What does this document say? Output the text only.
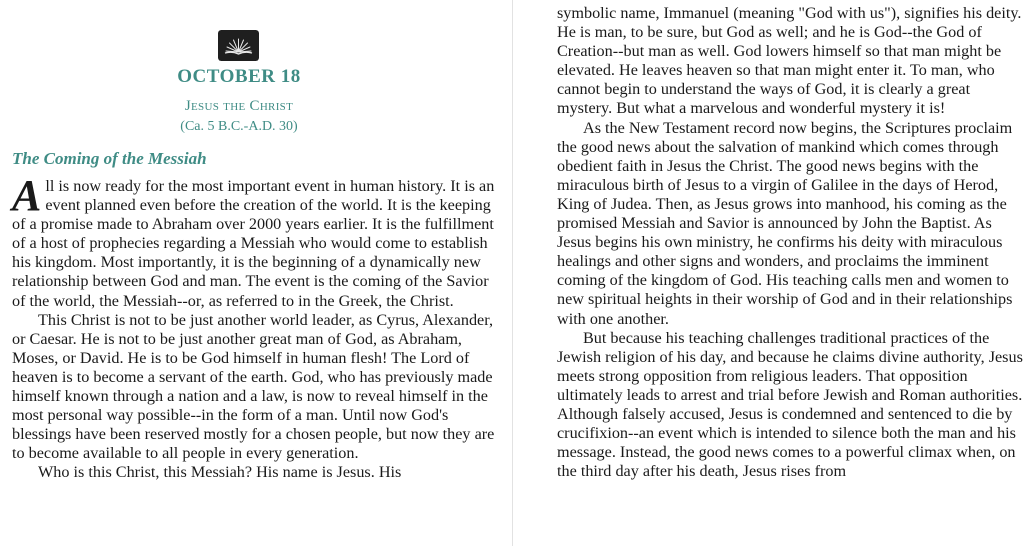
OCTOBER 18
Jesus the Christ
(Ca. 5 B.C.-A.D. 30)
The Coming of the Messiah

All is now ready for the most important event in human history. It is an event planned even before the creation of the world. It is the keeping of a promise made to Abraham over 2000 years earlier. It is the fulfillment of a host of prophecies regarding a Messiah who would come to establish his kingdom. Most importantly, it is the beginning of a dynamically new relationship between God and man. The event is the coming of the Savior of the world, the Messiah--or, as referred to in the Greek, the Christ.

This Christ is not to be just another world leader, as Cyrus, Alexander, or Caesar. He is not to be just another great man of God, as Abraham, Moses, or David. He is to be God himself in human flesh! The Lord of heaven is to become a servant of the earth. God, who has previously made himself known through a nation and a law, is now to reveal himself in the most personal way possible--in the form of a man. Until now God's blessings have been reserved mostly for a chosen people, but now they are to become available to all people in every generation.

Who is this Christ, this Messiah? His name is Jesus. His

symbolic name, Immanuel (meaning "God with us"), signifies his deity. He is man, to be sure, but God as well; and he is God--the God of Creation--but man as well. God lowers himself so that man might be elevated. He leaves heaven so that man might enter it. To man, who cannot begin to understand the ways of God, it is clearly a great mystery. But what a marvelous and wonderful mystery it is!

As the New Testament record now begins, the Scriptures proclaim the good news about the salvation of mankind which comes through obedient faith in Jesus the Christ. The good news begins with the miraculous birth of Jesus to a virgin of Galilee in the days of Herod, King of Judea. Then, as Jesus grows into manhood, his coming as the promised Messiah and Savior is announced by John the Baptist. As Jesus begins his own ministry, he confirms his deity with miraculous healings and other signs and wonders, and proclaims the imminent coming of the kingdom of God. His teaching calls men and women to new spiritual heights in their worship of God and in their relationships with one another.

But because his teaching challenges traditional practices of the Jewish religion of his day, and because he claims divine authority, Jesus meets strong opposition from religious leaders. That opposition ultimately leads to arrest and trial before Jewish and Roman authorities. Although falsely accused, Jesus is condemned and sentenced to die by crucifixion--an event which is intended to silence both the man and his message. Instead, the good news comes to a powerful climax when, on the third day after his death, Jesus rises from
